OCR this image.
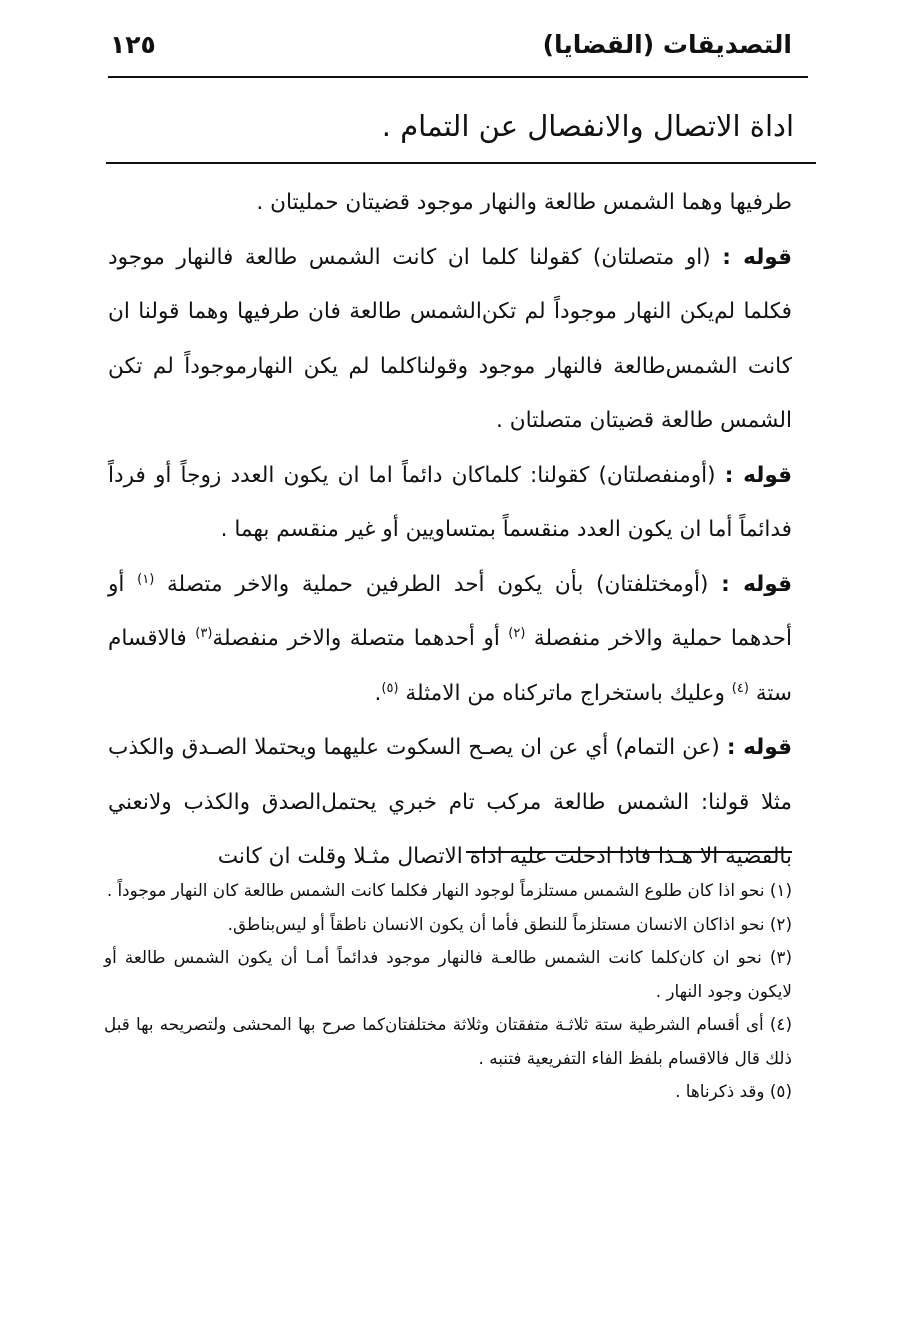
التصديقات (القضايا)
١٢٥
اداة الاتصال والانفصال عن التمام .

طرفيها وهما الشمس طالعة والنهار موجود قضيتان حمليتان .

قوله : (او متصلتان) كقولنا كلما ان كانت الشمس طالعة فالنهار موجود فكلما لم‌يكن النهار موجوداً لم تكن‌الشمس طالعة فان طرفيها وهما قولنا ان كانت الشمس‌طالعة فالنهار موجود وقولناكلما لم يكن النهارموجوداً لم تكن الشمس طالعة قضيتان متصلتان .

قوله : (أومنفصلتان) كقولنا: كلماكان دائماً اما ان يكون العدد زوجاً أو فرداً فدائماً أما ان يكون العدد منقسماً بمتساويين أو غير منقسم بهما .

قوله : (أومختلفتان) بأن يكون أحد الطرفين حملية والاخر متصلة $^{(١)}$ أو أحدهما حملية والاخر منفصلة $^{(٢)}$ أو أحدهما متصلة والاخر منفصلة$^{(٣)}$ فالاقسام ستة $^{(٤)}$ وعليك باستخراج ماتركناه من الامثلة $^{(٥)}$.

قوله : (عن التمام) أي عن ان يصـح السكوت عليهما ويحتملا الصـدق والكذب مثلا قولنا: الشمس طالعة مركب تام خبري يحتمل‌الصدق والكذب ولانعني بالقضية الا هـذا فاذا ادخلت عليه اداة الاتصال مثـلا وقلت ان كانت

(١) نحو اذا كان طلوع الشمس مستلزماً لوجود النهار فكلما كانت الشمس طالعة كان النهار موجوداً .

(٢) نحو اذاكان الانسان مستلزماً للنطق فأما أن يكون الانسان ناطقاً أو ليس‌بناطق.

(٣) نحو ان كان‌كلما كانت الشمس طالعـة فالنهار موجود فدائماً أمـا أن يكون الشمس طالعة أو لايكون وجود النهار .

(٤) أى أقسام الشرطية ستة ثلاثـة متفقتان وثلاثة مختلفتان‌كما صرح بها المحشى ولتصريحه بها قبل ذلك قال فالاقسام بلفظ الفاء التفريعية فتنبه .

(٥) وقد ذكرناها .
